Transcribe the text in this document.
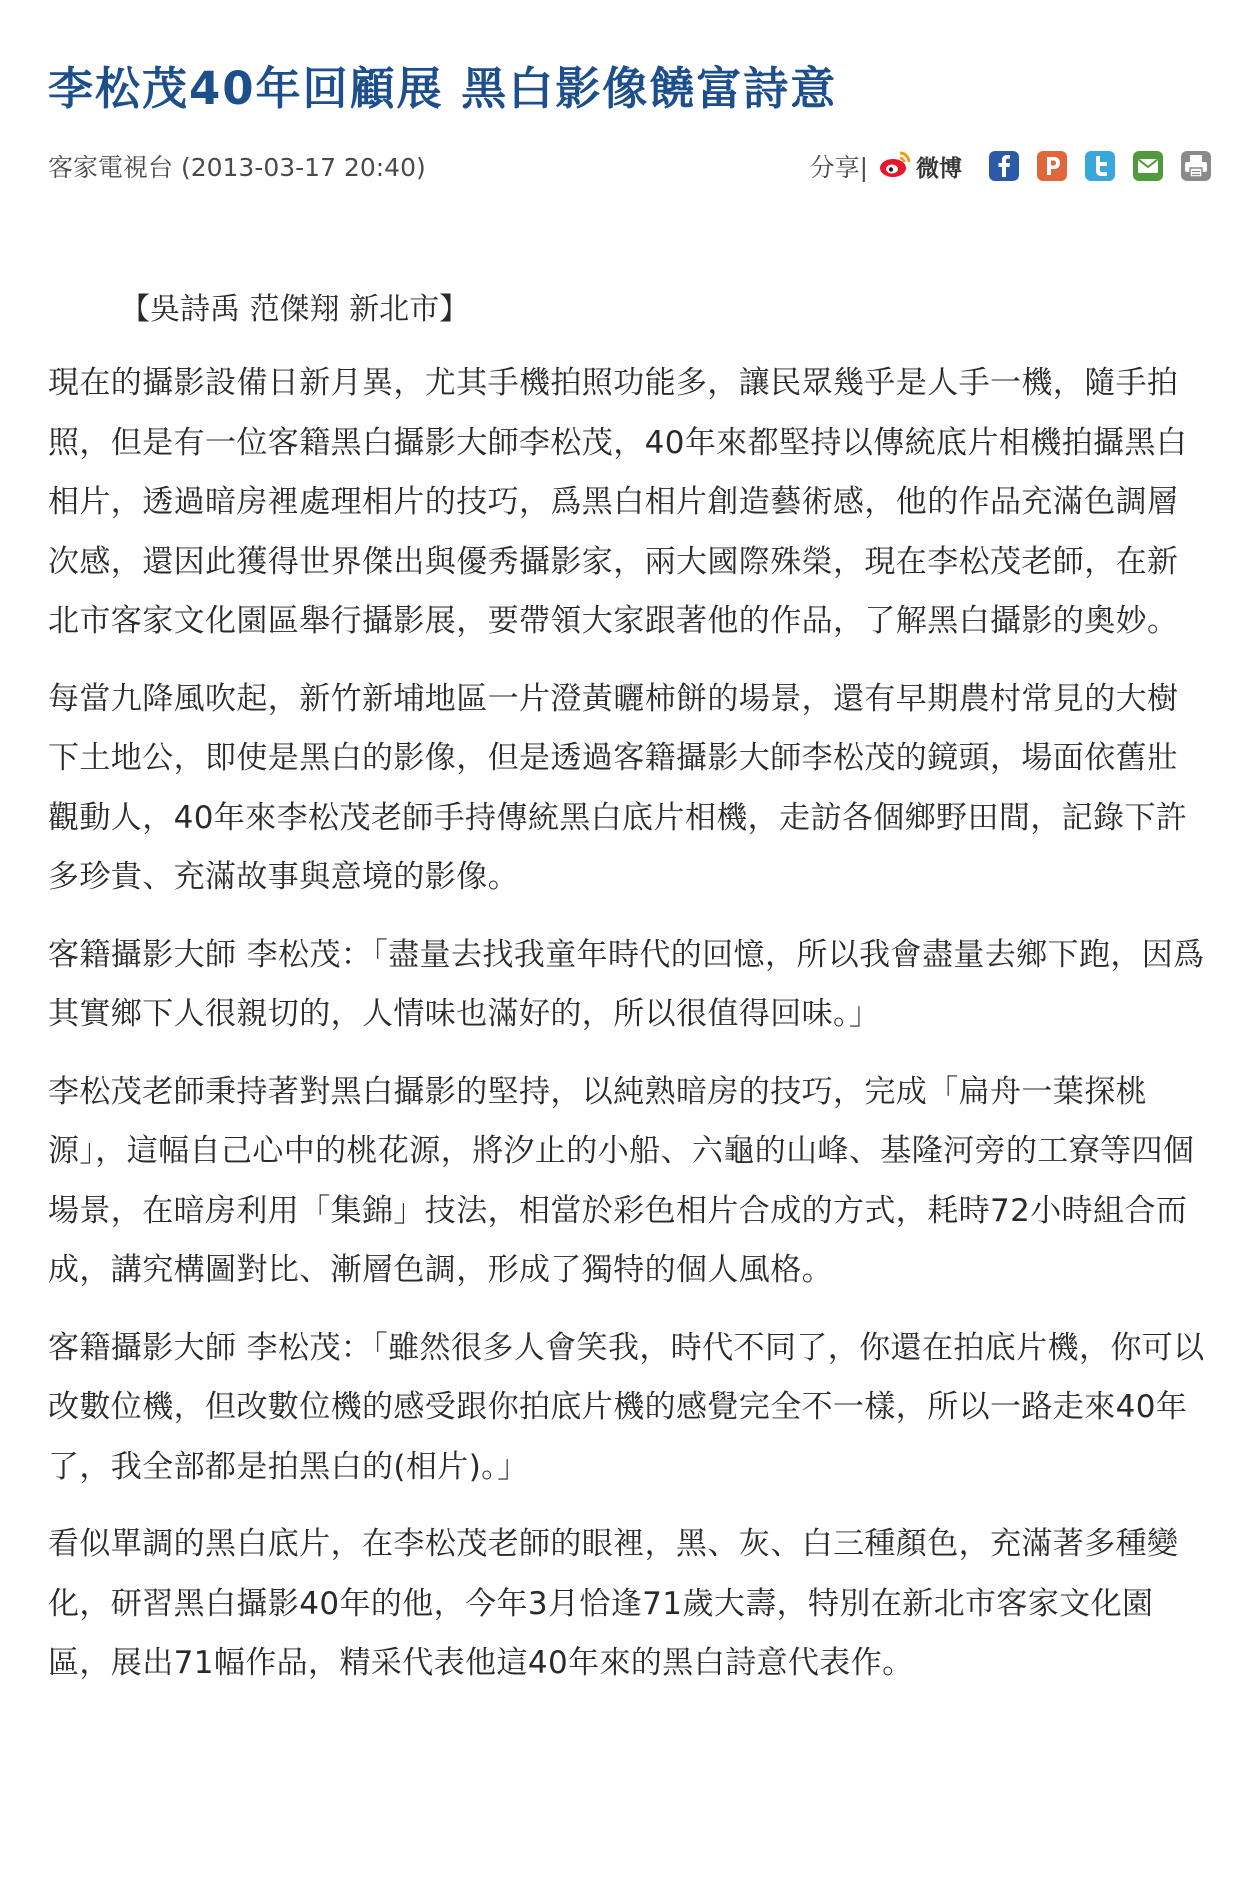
李松茂40年回顧展 黑白影像饒富詩意
客家電視台 (2013-03-17 20:40)	分享| 微博
【吳詩禹 范傑翔 新北市】

現在的攝影設備日新月異，尤其手機拍照功能多，讓民眾幾乎是人手一機，隨手拍照，但是有一位客籍黑白攝影大師李松茂，40年來都堅持以傳統底片相機拍攝黑白相片，透過暗房裡處理相片的技巧，爲黑白相片創造藝術感，他的作品充滿色調層次感，還因此獲得世界傑出與優秀攝影家，兩大國際殊榮，現在李松茂老師，在新北市客家文化園區舉行攝影展，要帶領大家跟著他的作品，了解黑白攝影的奧妙。

每當九降風吹起，新竹新埔地區一片澄黃曬柿餅的場景，還有早期農村常見的大樹下土地公，即使是黑白的影像，但是透過客籍攝影大師李松茂的鏡頭，場面依舊壯觀動人，40年來李松茂老師手持傳統黑白底片相機，走訪各個鄉野田間，記錄下許多珍貴、充滿故事與意境的影像。

客籍攝影大師 李松茂：「盡量去找我童年時代的回憶，所以我會盡量去鄉下跑，因爲其實鄉下人很親切的，人情味也滿好的，所以很值得回味。」

李松茂老師秉持著對黑白攝影的堅持，以純熟暗房的技巧，完成「扁舟一葉探桃源」，這幅自己心中的桃花源，將汐止的小船、六龜的山峰、基隆河旁的工寮等四個場景，在暗房利用「集錦」技法，相當於彩色相片合成的方式，耗時72小時組合而成，講究構圖對比、漸層色調，形成了獨特的個人風格。

客籍攝影大師 李松茂：「雖然很多人會笑我，時代不同了，你還在拍底片機，你可以改數位機，但改數位機的感受跟你拍底片機的感覺完全不一樣，所以一路走來40年了，我全部都是拍黑白的(相片)。」

看似單調的黑白底片，在李松茂老師的眼裡，黑、灰、白三種顏色，充滿著多種變化，研習黑白攝影40年的他，今年3月恰逢71歲大壽，特別在新北市客家文化園區，展出71幅作品，精采代表他這40年來的黑白詩意代表作。
